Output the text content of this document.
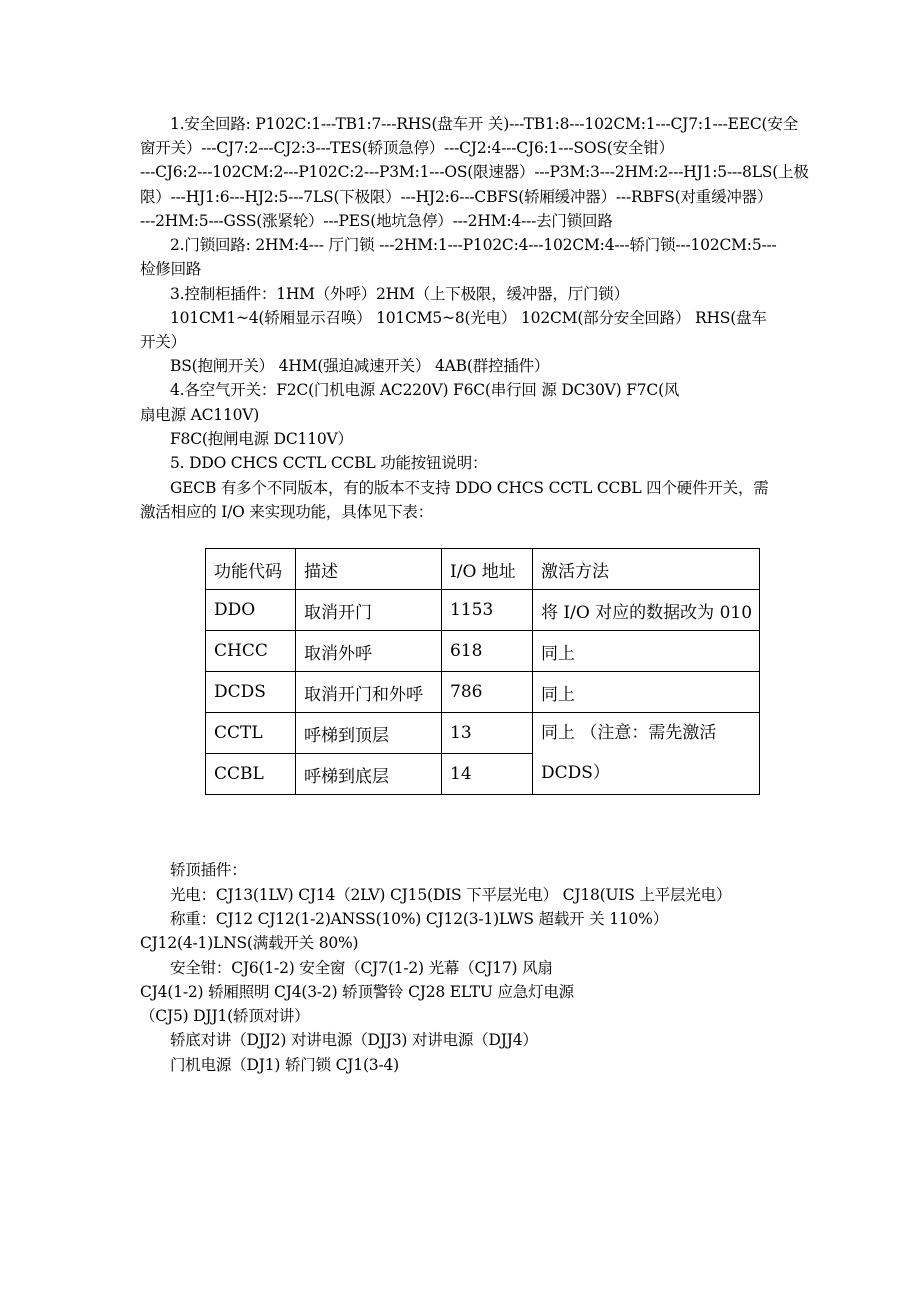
1.安全回路: P102C:1---TB1:7---RHS(盘车开 关)---TB1:8---102CM:1---CJ7:1---EEC(安全
窗开关）---CJ7:2---CJ2:3---TES(轿顶急停）---CJ2:4---CJ6:1---SOS(安全钳）
---CJ6:2---102CM:2---P102C:2---P3M:1---OS(限速器）---P3M:3---2HM:2---HJ1:5---8LS(上极
限）---HJ1:6---HJ2:5---7LS(下极限）---HJ2:6---CBFS(轿厢缓冲器）---RBFS(对重缓冲器）
---2HM:5---GSS(涨紧轮）---PES(地坑急停）---2HM:4---去门锁回路
2.门锁回路: 2HM:4--- 厅门锁 ---2HM:1---P102C:4---102CM:4---轿门锁---102CM:5---
检修回路
3.控制柜插件：1HM（外呼）2HM（上下极限，缓冲器，厅门锁）
101CM1~4(轿厢显示召唤） 101CM5~8(光电） 102CM(部分安全回路） RHS(盘车
开关）
BS(抱闸开关） 4HM(强迫减速开关） 4AB(群控插件）
4.各空气开关：F2C(门机电源 AC220V) F6C(串行回 源 DC30V) F7C(风
扇电源 AC110V)
F8C(抱闸电源 DC110V）
5. DDO CHCS CCTL CCBL 功能按钮说明：
GECB 有多个不同版本，有的版本不支持 DDO CHCS CCTL CCBL 四个硬件开关，需
激活相应的 I/O 来实现功能，具体见下表：
功能代码	描述	I/O 地址	激活方法
DDO	取消开门	1153	将 I/O 对应的数据改为 010
CHCC	取消外呼	618	同上
DCDS	取消开门和外呼	786	同上
CCTL	呼梯到顶层	13	同上 （注意：需先激活DCDS）
CCBL	呼梯到底层	14	
轿顶插件：
光电：CJ13(1LV) CJ14（2LV) CJ15(DIS 下平层光电） CJ18(UIS 上平层光电）
称重：CJ12 CJ12(1-2)ANSS(10%) CJ12(3-1)LWS 超载开 关 110%）
CJ12(4-1)LNS(满载开关 80%)
安全钳：CJ6(1-2) 安全窗（CJ7(1-2) 光幕（CJ17) 风扇
CJ4(1-2) 轿厢照明 CJ4(3-2) 轿顶警铃 CJ28 ELTU 应急灯电源
（CJ5) DJJ1(轿顶对讲）
轿底对讲（DJJ2) 对讲电源（DJJ3) 对讲电源（DJJ4）
门机电源（DJ1) 轿门锁 CJ1(3-4)
